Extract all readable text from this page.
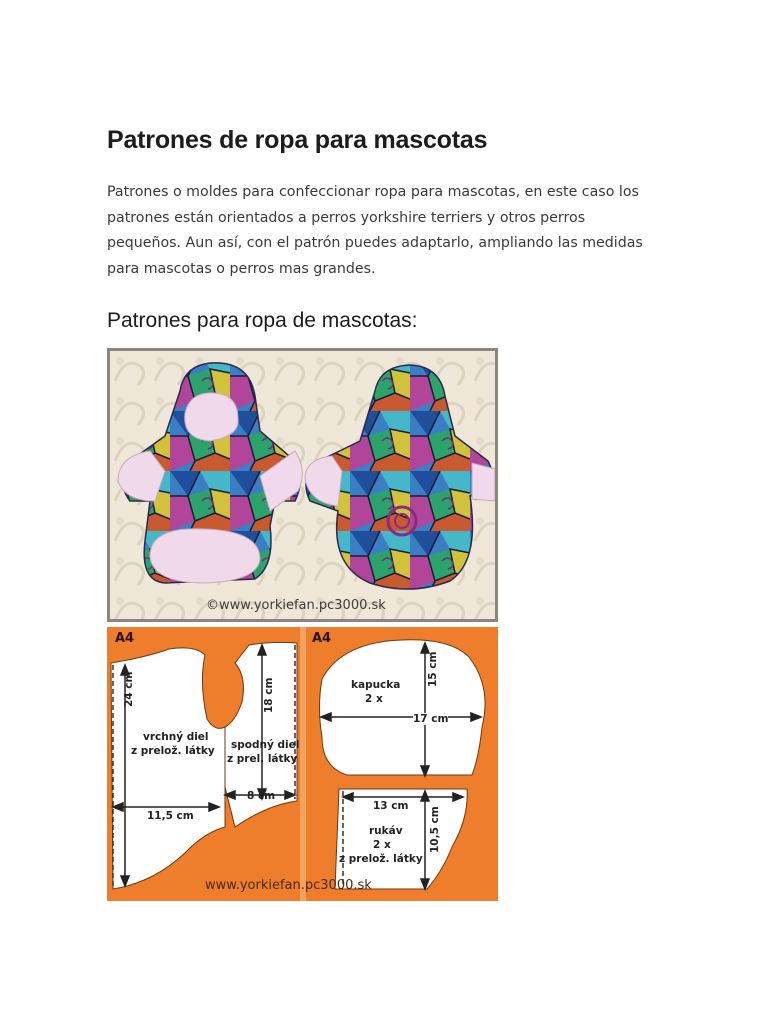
Patrones de ropa para mascotas

Patrones o moldes para confeccionar ropa para mascotas, en este caso los
patrones están orientados a perros yorkshire terriers y otros perros
pequeños. Aun así, con el patrón puedes adaptarlo, ampliando las medidas
para mascotas o perros mas grandes.

Patrones para ropa de mascotas:
©www.yorkiefan.pc3000.sk
A4	A4
24 cm
11,5 cm
vrchný diel
z prelož. látky
18 cm
8 cm
spodný diel
z prel. látky
kapucka
2 x
15 cm
17 cm
13 cm
10,5 cm
rukáv
2 x
z prelož. látky
www.yorkiefan.pc3000.sk
